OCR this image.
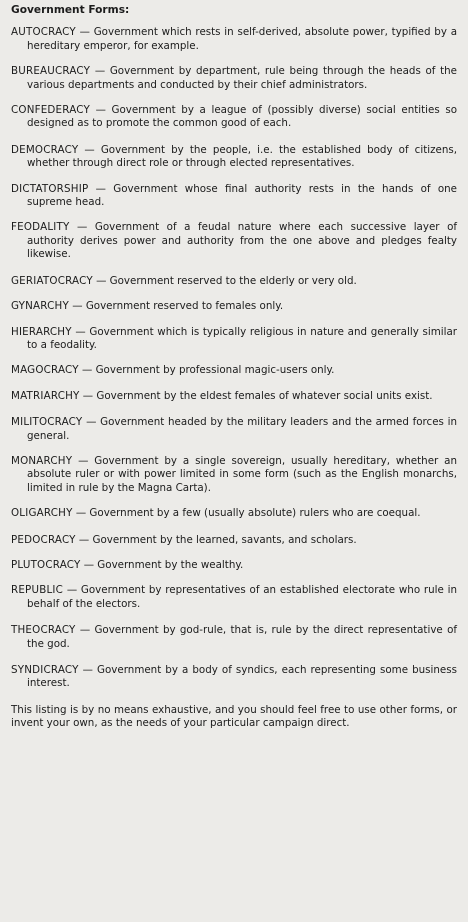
Government Forms:
AUTOCRACY — Government which rests in self-derived, absolute power, typified by a hereditary emperor, for example.
BUREAUCRACY — Government by department, rule being through the heads of the various departments and conducted by their chief administrators.
CONFEDERACY — Government by a league of (possibly diverse) social entities so designed as to promote the common good of each.
DEMOCRACY — Government by the people, i.e. the established body of citizens, whether through direct role or through elected representatives.
DICTATORSHIP — Government whose final authority rests in the hands of one supreme head.
FEODALITY — Government of a feudal nature where each successive layer of authority derives power and authority from the one above and pledges fealty likewise.
GERIATOCRACY — Government reserved to the elderly or very old.
GYNARCHY — Government reserved to females only.
HIERARCHY — Government which is typically religious in nature and generally similar to a feodality.
MAGOCRACY — Government by professional magic-users only.
MATRIARCHY — Government by the eldest females of whatever social units exist.
MILITOCRACY — Government headed by the military leaders and the armed forces in general.
MONARCHY — Government by a single sovereign, usually hereditary, whether an absolute ruler or with power limited in some form (such as the English monarchs, limited in rule by the Magna Carta).
OLIGARCHY — Government by a few (usually absolute) rulers who are coequal.
PEDOCRACY — Government by the learned, savants, and scholars.
PLUTOCRACY — Government by the wealthy.
REPUBLIC — Government by representatives of an established electorate who rule in behalf of the electors.
THEOCRACY — Government by god-rule, that is, rule by the direct representative of the god.
SYNDICRACY — Government by a body of syndics, each representing some business interest.
This listing is by no means exhaustive, and you should feel free to use other forms, or invent your own, as the needs of your particular campaign direct.
